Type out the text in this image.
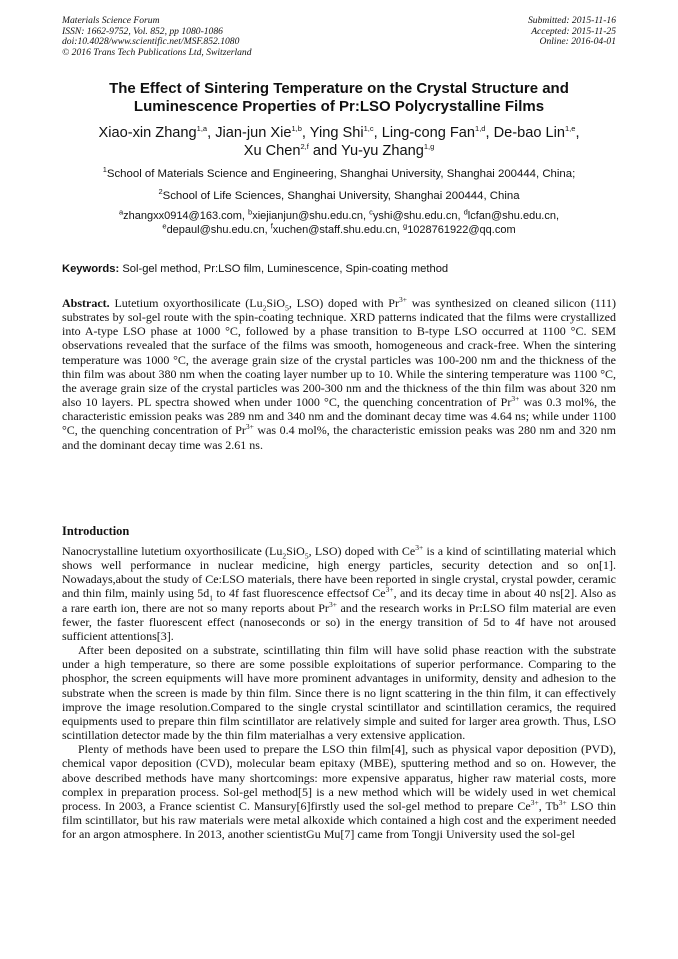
Materials Science Forum
ISSN: 1662-9752, Vol. 852, pp 1080-1086
doi:10.4028/www.scientific.net/MSF.852.1080
© 2016 Trans Tech Publications Ltd, Switzerland
Submitted: 2015-11-16
Accepted: 2015-11-25
Online: 2016-04-01
The Effect of Sintering Temperature on the Crystal Structure and
Luminescence Properties of Pr:LSO Polycrystalline Films
Xiao-xin Zhang$^{1,a}$, Jian-jun Xie$^{1,b}$, Ying Shi$^{1,c}$, Ling-cong Fan$^{1,d}$, De-bao Lin$^{1,e}$,
Xu Chen$^{2,f}$ and Yu-yu Zhang$^{1,g}$
$^1$School of Materials Science and Engineering, Shanghai University, Shanghai 200444, China;
$^2$School of Life Sciences, Shanghai University, Shanghai 200444, China
$^a$zhangxx0914@163.com, $^b$xiejianjun@shu.edu.cn, $^c$yshi@shu.edu.cn, $^d$lcfan@shu.edu.cn,
$^e$depaul@shu.edu.cn, $^f$xuchen@staff.shu.edu.cn, $^g$1028761922@qq.com
Keywords: Sol-gel method, Pr:LSO film, Luminescence, Spin-coating method

Abstract. Lutetium oxyorthosilicate ($Lu_2SiO_5$, LSO) doped with $Pr^{3+}$ was synthesized on cleaned silicon (111) substrates by sol-gel route with the spin-coating technique. XRD patterns indicated that the films were crystallized into A-type LSO phase at 1000 °C, followed by a phase transition to B-type LSO occurred at 1100 °C. SEM observations revealed that the surface of the films was smooth, homogeneous and crack-free. When the sintering temperature was 1000 °C, the average grain size of the crystal particles was 100-200 nm and the thickness of the thin film was about 380 nm when the coating layer number up to 10. While the sintering temperature was 1100 °C, the average grain size of the crystal particles was 200-300 nm and the thickness of the thin film was about 320 nm also 10 layers. PL spectra showed when under 1000 °C, the quenching concentration of $Pr^{3+}$ was 0.3 mol%, the characteristic emission peaks was 289 nm and 340 nm and the dominant decay time was 4.64 ns; while under 1100 °C, the quenching concentration of $Pr^{3+}$ was 0.4 mol%, the characteristic emission peaks was 280 nm and 320 nm and the dominant decay time was 2.61 ns.

Introduction

Nanocrystalline lutetium oxyorthosilicate ($Lu_2SiO_5$, LSO) doped with $Ce^{3+}$ is a kind of scintillating material which shows well performance in nuclear medicine, high energy particles, security detection and so on[1]. Nowadays,about the study of Ce:LSO materials, there have been reported in single crystal, crystal powder, ceramic and thin film, mainly using $5d_1$ to 4f fast fluorescence effectsof $Ce^{3+}$, and its decay time in about 40 ns[2]. Also as a rare earth ion, there are not so many reports about $Pr^{3+}$ and the research works in Pr:LSO film material are even fewer, the faster fluorescent effect (nanoseconds or so) in the energy transition of 5d to 4f have not aroused sufficient attentions[3].

After been deposited on a substrate, scintillating thin film will have solid phase reaction with the substrate under a high temperature, so there are some possible exploitations of superior performance. Comparing to the phosphor, the screen equipments will have more prominent advantages in uniformity, density and adhesion to the substrate when the screen is made by thin film. Since there is no lignt scattering in the thin film, it can effectively improve the image resolution.Compared to the single crystal scintillator and scintillation ceramics, the required equipments used to prepare thin film scintillator are relatively simple and suited for larger area growth. Thus, LSO scintillation detector made by the thin film materialhas a very extensive application.

Plenty of methods have been used to prepare the LSO thin film[4], such as physical vapor deposition (PVD), chemical vapor deposition (CVD), molecular beam epitaxy (MBE), sputtering method and so on. However, the above described methods have many shortcomings: more expensive apparatus, higher raw material costs, more complex in preparation process. Sol-gel method[5] is a new method which will be widely used in wet chemical process. In 2003, a France scientist C. Mansury[6]firstly used the sol-gel method to prepare $Ce^{3+}$, $Tb^{3+}$ LSO thin film scintillator, but his raw materials were metal alkoxide which contained a high cost and the experiment needed for an argon atmosphere. In 2013, another scientistGu Mu[7] came from Tongji University used the sol-gel
